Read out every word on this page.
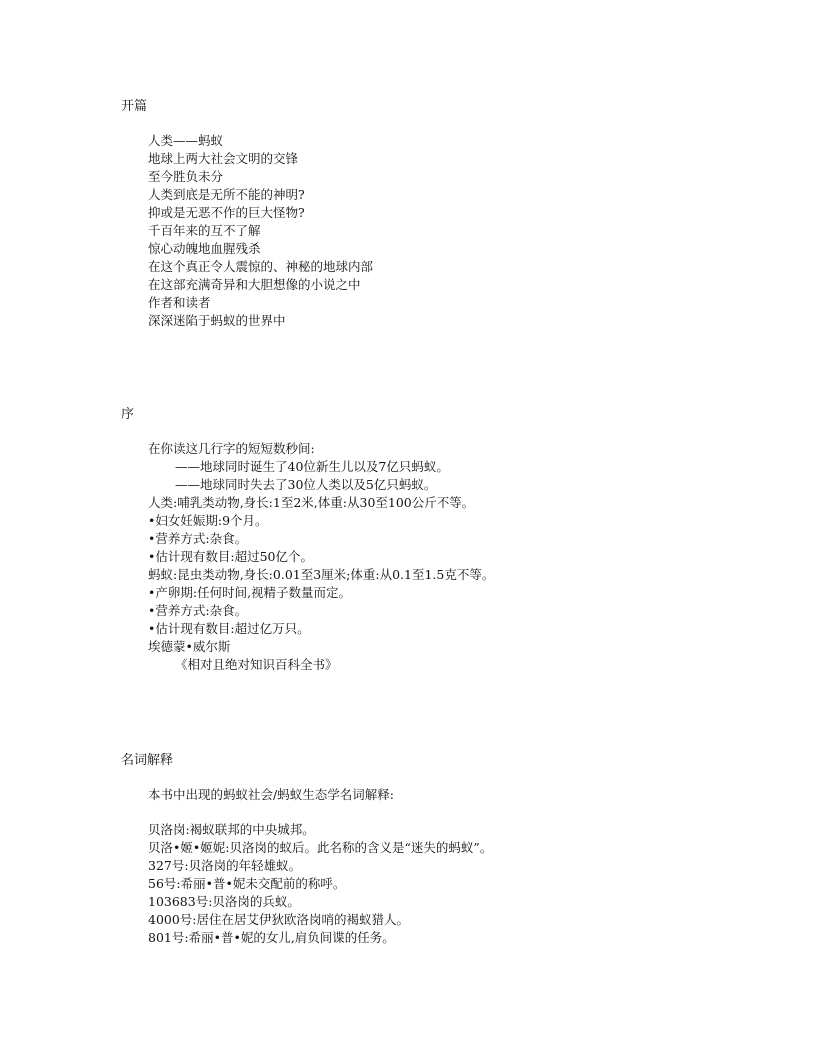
开篇

人类——蚂蚁

地球上两大社会文明的交锋

至今胜负未分

人类到底是无所不能的神明?

抑或是无恶不作的巨大怪物?

千百年来的互不了解

惊心动魄地血腥残杀

在这个真正令人震惊的、神秘的地球内部

在这部充满奇异和大胆想像的小说之中

作者和读者

深深迷陷于蚂蚁的世界中

序

在你读这几行字的短短数秒间:

——地球同时诞生了40位新生儿以及7亿只蚂蚁。

——地球同时失去了30位人类以及5亿只蚂蚁。

人类:哺乳类动物,身长:1至2米,体重:从30至100公斤不等。

•妇女妊娠期:9个月。

•营养方式:杂食。

•估计现有数目:超过50亿个。

蚂蚁:昆虫类动物,身长:0.01至3厘米;体重:从0.1至1.5克不等。

•产卵期:任何时间,视精子数量而定。

•营养方式:杂食。

•估计现有数目:超过亿万只。

埃德蒙•威尔斯

《相对且绝对知识百科全书》

名词解释

本书中出现的蚂蚁社会/蚂蚁生态学名词解释:

贝洛岗:褐蚁联邦的中央城邦。

贝洛•姬•姬妮:贝洛岗的蚁后。此名称的含义是“迷失的蚂蚁”。

327号:贝洛岗的年轻雄蚁。

56号:希丽•普•妮未交配前的称呼。

103683号:贝洛岗的兵蚁。

4000号:居住在居艾伊狄欧洛岗哨的褐蚁猎人。

801号:希丽•普•妮的女儿,肩负间谍的任务。
